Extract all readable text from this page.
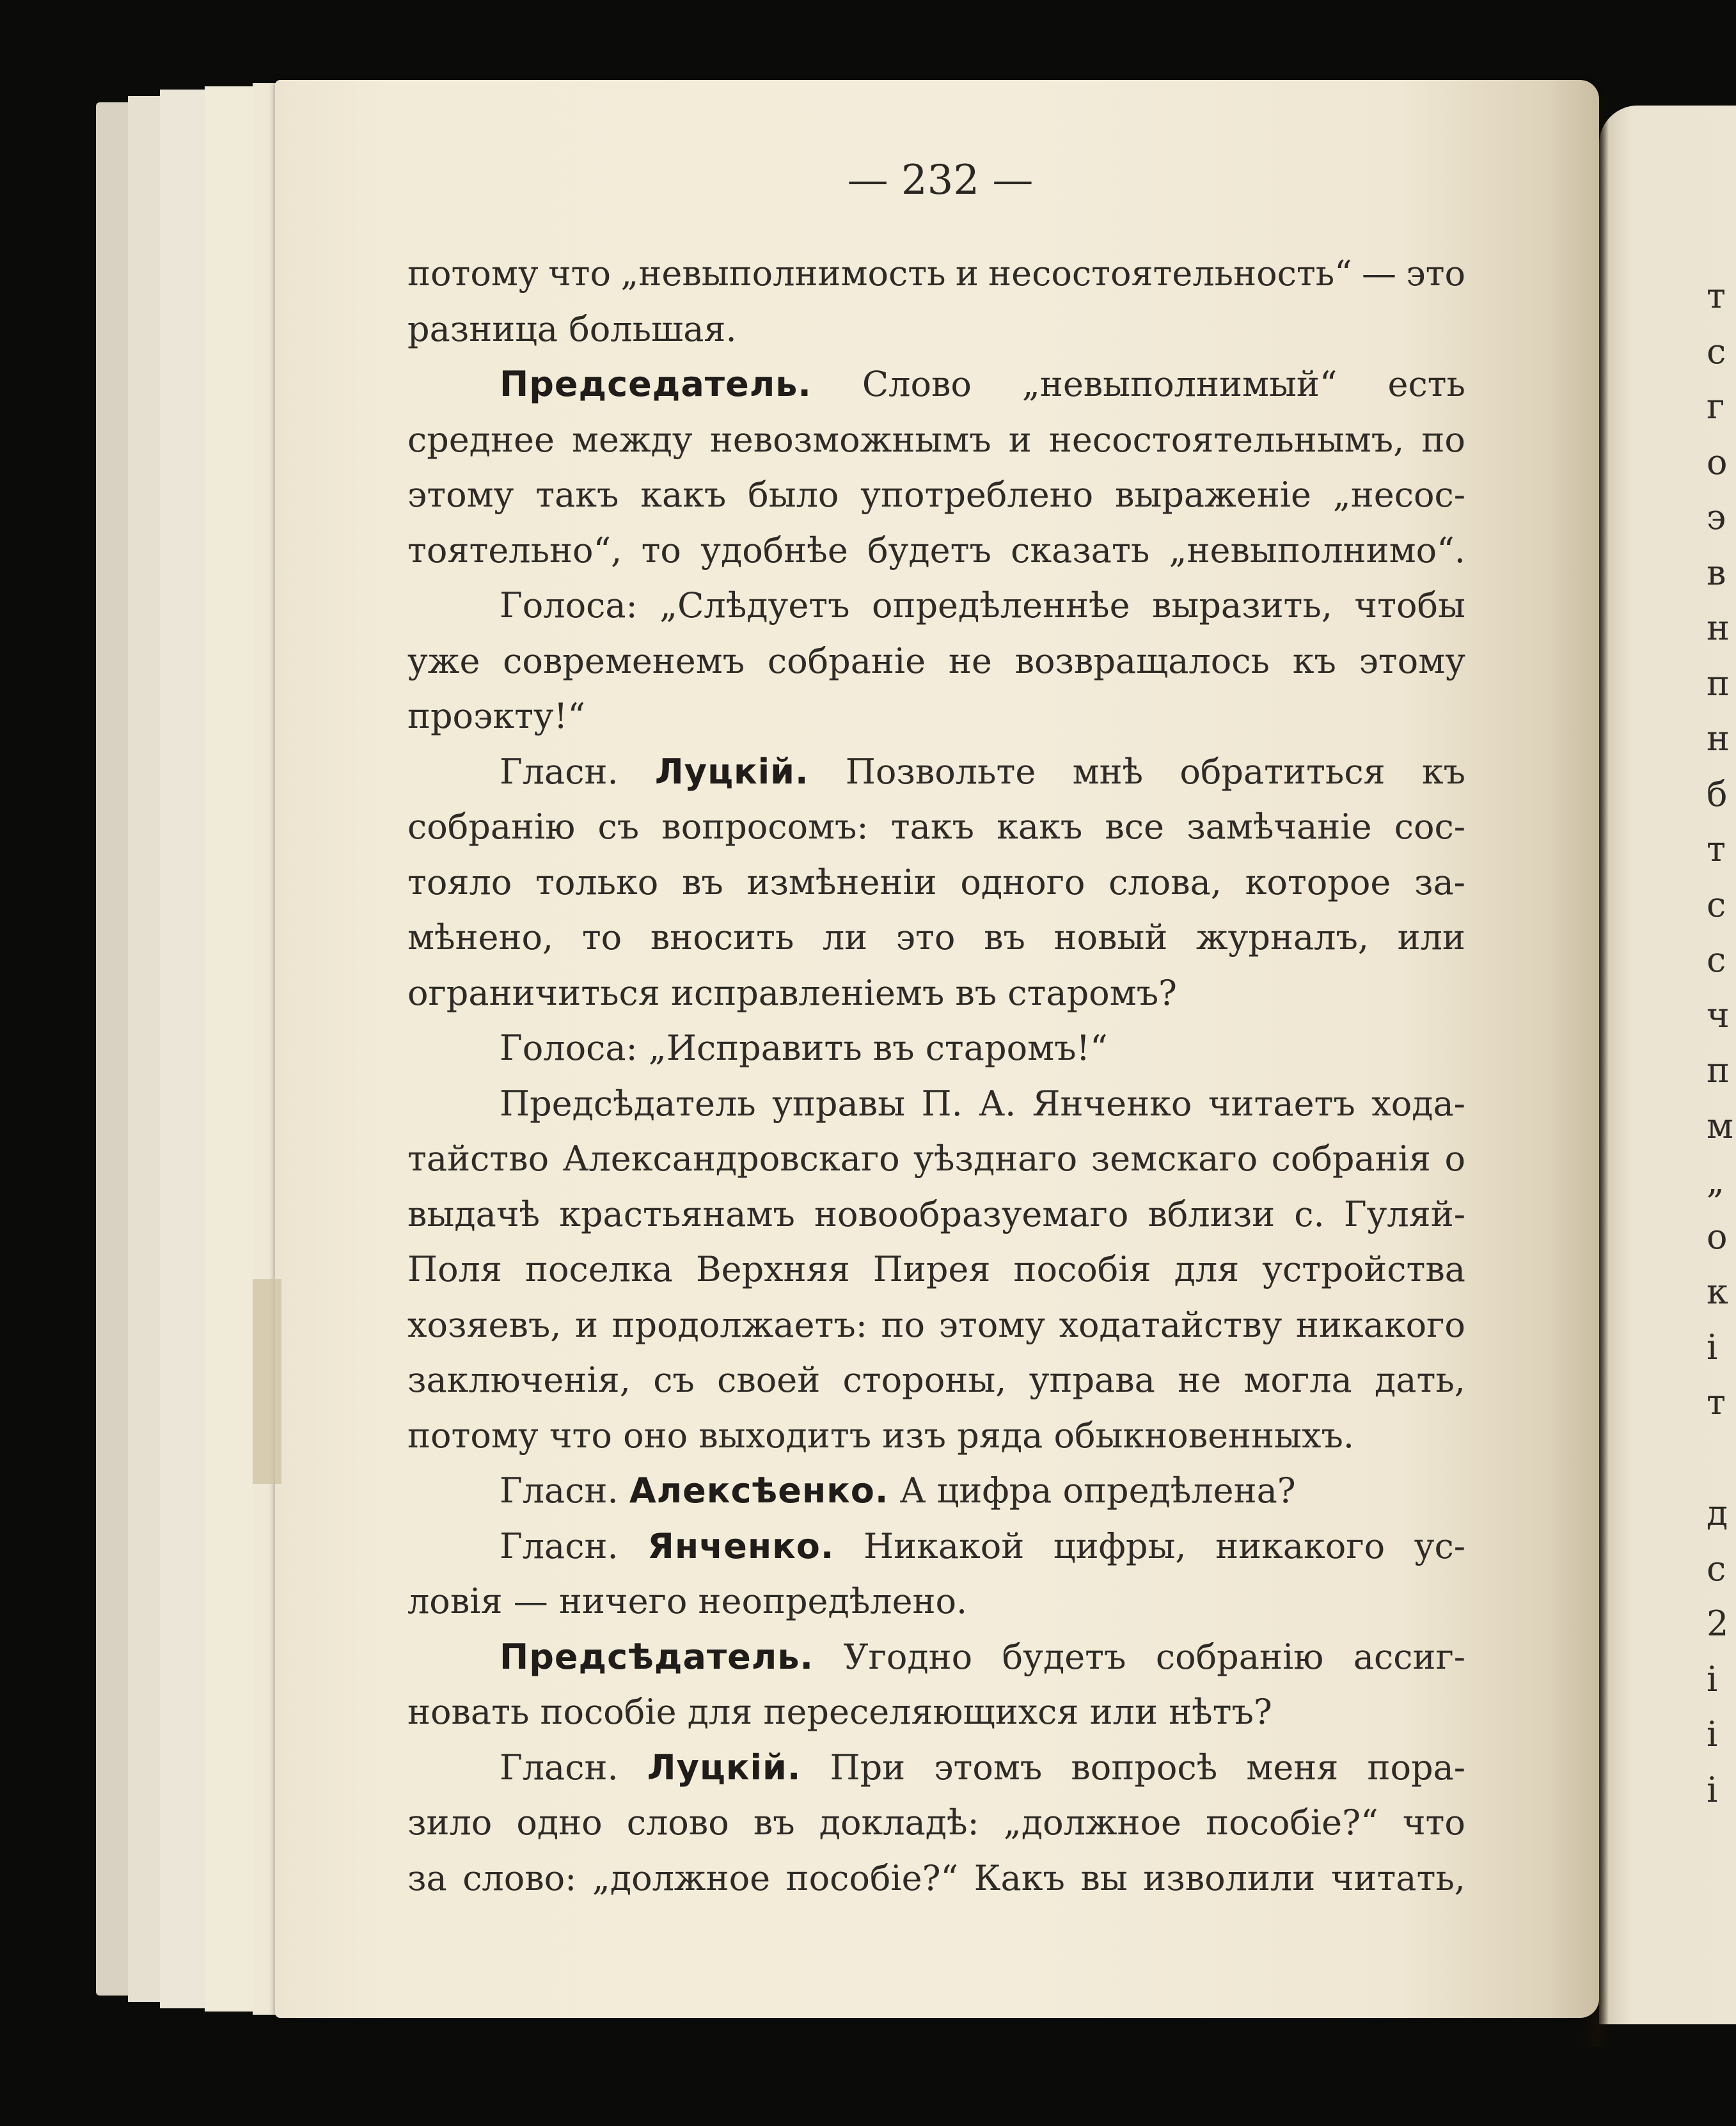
— 232 —
потому что „невыполнимость и несостоятельность“ — это
разница большая.
Председатель. Слово „невыполнимый“ есть
среднее между невозможнымъ и несостоятельнымъ, по
этому такъ какъ было употреблено выраженіе „несос-
тоятельно“, то удобнѣе будетъ сказать „невыполнимо“.
Голоса: „Слѣдуетъ опредѣленнѣе выразить, чтобы
уже современемъ собраніе не возвращалось къ этому
проэкту!“
Гласн. Луцкій. Позвольте мнѣ обратиться къ
собранію съ вопросомъ: такъ какъ все замѣчаніе сос-
тояло только въ измѣненіи одного слова, которое за-
мѣнено, то вносить ли это въ новый журналъ, или
ограничиться исправленіемъ въ старомъ?
Голоса: „Исправить въ старомъ!“
Предсѣдатель управы П. А. Янченко читаетъ хода-
тайство Александровскаго уѣзднаго земскаго собранія о
выдачѣ крастьянамъ новообразуемаго вблизи с. Гуляй-
Поля поселка Верхняя Пирея пособія для устройства
хозяевъ, и продолжаетъ: по этому ходатайству никакого
заключенія, съ своей стороны, управа не могла дать,
потому что оно выходитъ изъ ряда обыкновенныхъ.
Гласн. Алексѣенко. А цифра опредѣлена?
Гласн. Янченко. Никакой цифры, никакого ус-
ловія — ничего неопредѣлено.
Предсѣдатель. Угодно будетъ собранію ассиг-
новать пособіе для переселяющихся или нѣтъ?
Гласн. Луцкій. При этомъ вопросѣ меня пора-
зило одно слово въ докладѣ: „должное пособіе?“ что
за слово: „должное пособіе?“ Какъ вы изволили читать,
т
с
г
о
э
в
н
п
н
б
т
с
с
ч
п
м
„
о
к
і
т

д
с
2
і
і
і
